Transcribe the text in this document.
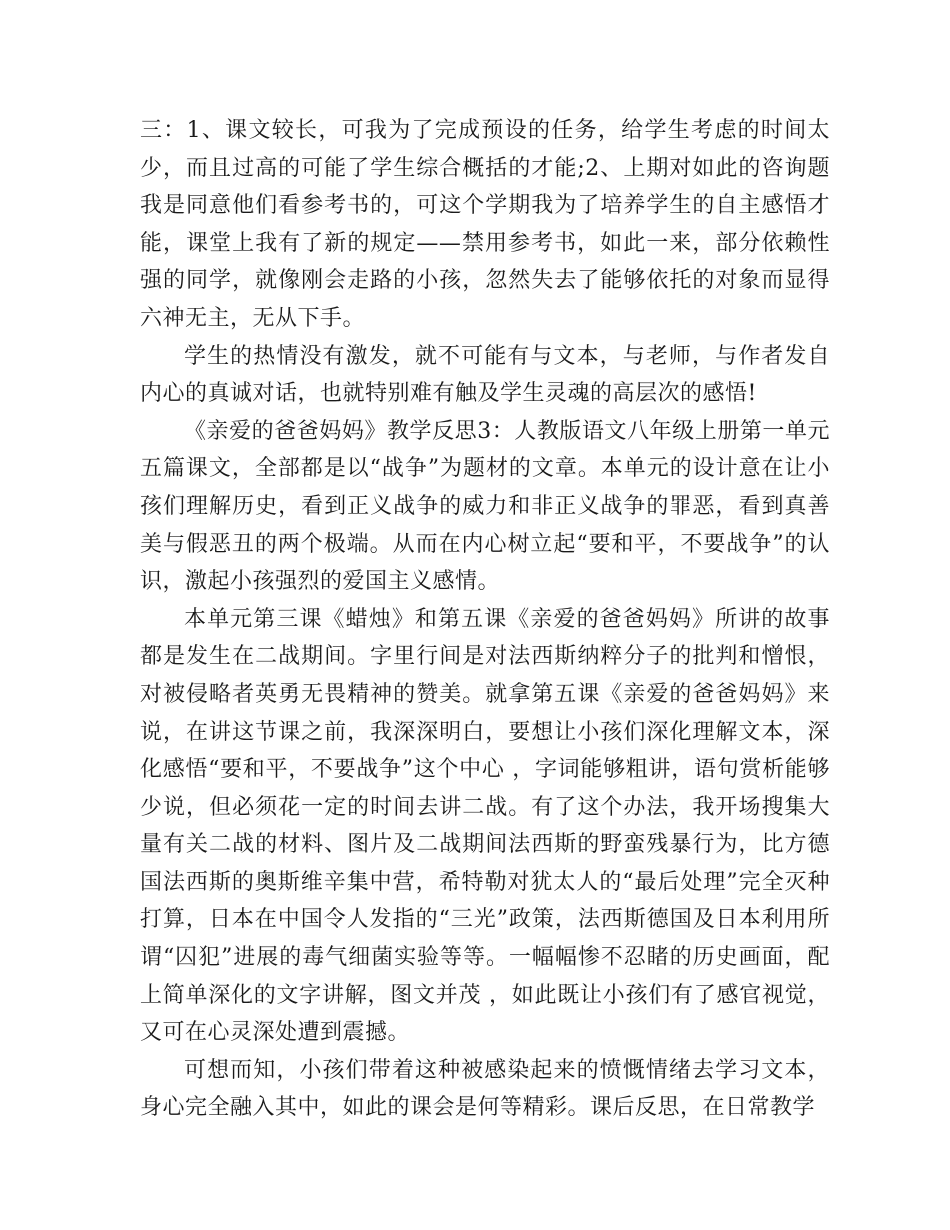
三：1、课文较长，可我为了完成预设的任务，给学生考虑的时间太少，而且过高的可能了学生综合概括的才能;2、上期对如此的咨询题我是同意他们看参考书的，可这个学期我为了培养学生的自主感悟才能，课堂上我有了新的规定——禁用参考书，如此一来，部分依赖性强的同学，就像刚会走路的小孩，忽然失去了能够依托的对象而显得六神无主，无从下手。

学生的热情没有激发，就不可能有与文本，与老师，与作者发自内心的真诚对话，也就特别难有触及学生灵魂的高层次的感悟!

《亲爱的爸爸妈妈》教学反思3：人教版语文八年级上册第一单元五篇课文，全部都是以“战争”为题材的文章。本单元的设计意在让小孩们理解历史，看到正义战争的威力和非正义战争的罪恶，看到真善美与假恶丑的两个极端。从而在内心树立起“要和平，不要战争”的认识，激起小孩强烈的爱国主义感情。

本单元第三课《蜡烛》和第五课《亲爱的爸爸妈妈》所讲的故事都是发生在二战期间。字里行间是对法西斯纳粹分子的批判和憎恨，对被侵略者英勇无畏精神的赞美。就拿第五课《亲爱的爸爸妈妈》来说，在讲这节课之前，我深深明白，要想让小孩们深化理解文本，深化感悟“要和平，不要战争”这个中心 ，字词能够粗讲，语句赏析能够少说，但必须花一定的时间去讲二战。有了这个办法，我开场搜集大量有关二战的材料、图片及二战期间法西斯的野蛮残暴行为，比方德国法西斯的奥斯维辛集中营，希特勒对犹太人的“最后处理”完全灭种打算，日本在中国令人发指的“三光”政策，法西斯德国及日本利用所谓“囚犯”进展的毒气细菌实验等等。一幅幅惨不忍睹的历史画面，配上简单深化的文字讲解，图文并茂 ，如此既让小孩们有了感官视觉，又可在心灵深处遭到震撼。

可想而知，小孩们带着这种被感染起来的愤慨情绪去学习文本，身心完全融入其中，如此的课会是何等精彩。课后反思，在日常教学
